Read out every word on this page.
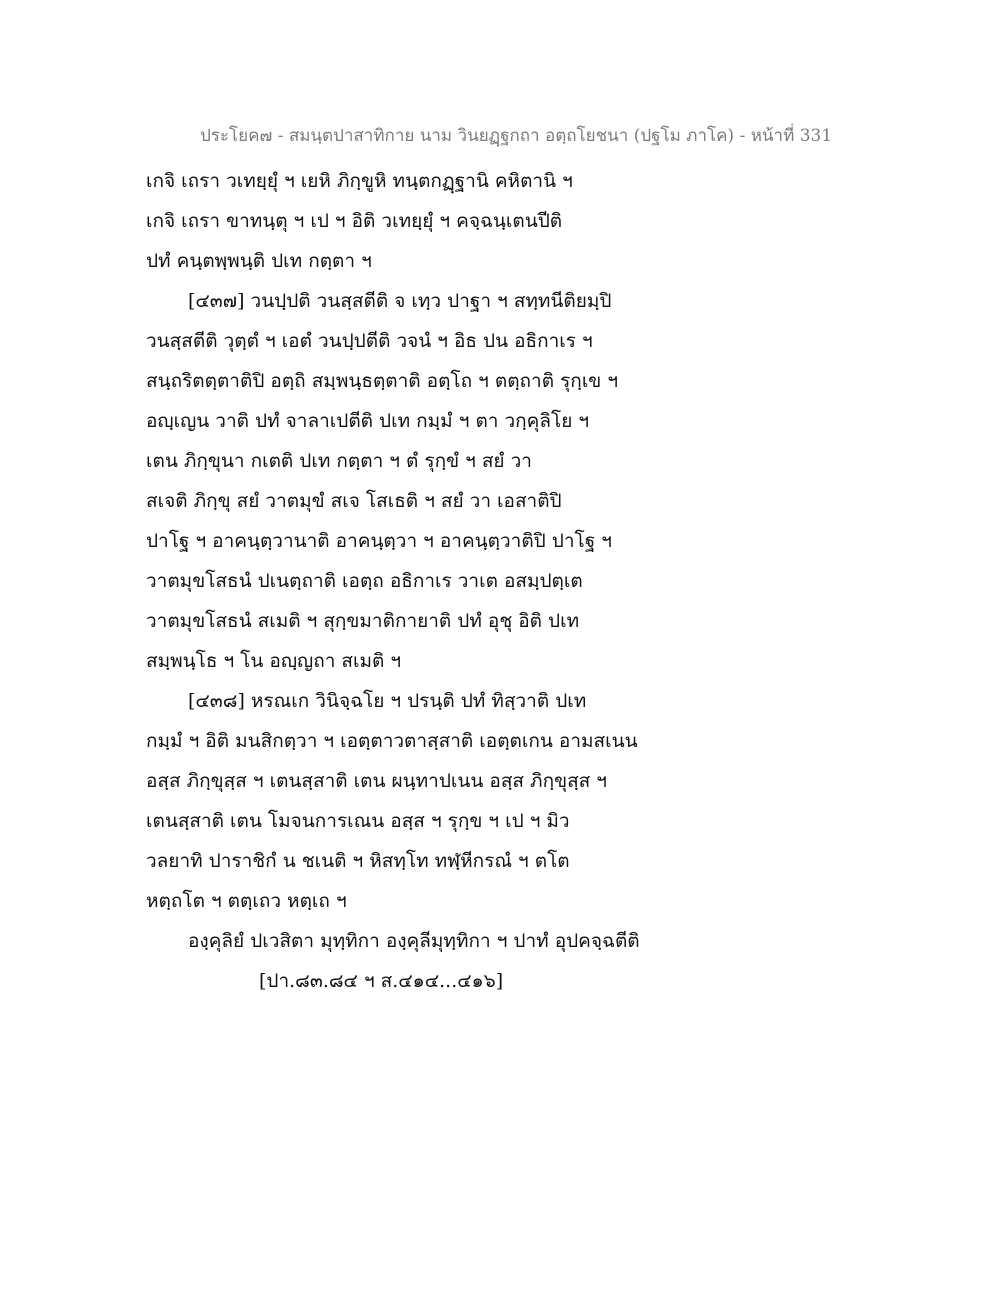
ประโยค๗ - สมนฺตปาสาทิกาย นาม วินยฏฺฐกถา อตฺถโยชนา (ปฐโม ภาโค) - หน้าที่ 331
เกจิ เถรา วเทยฺยุํ ฯ เยหิ ภิกฺขูหิ ทนฺตกฏฺฐานิ คหิตานิ ฯ
เกจิ เถรา ขาทนฺตุ ฯ เป ฯ อิติ วเทยฺยุํ ฯ คจฺฉนฺเตนปีติ
ปทํ คนฺตพฺพนฺติ ปเท กตฺตา ฯ
[๔๓๗] วนปฺปติ วนสฺสตีติ จ เทฺว ปาฐา ฯ สทฺทนีติยมฺปิ
วนสฺสตีติ วุตฺตํ ฯ เอตํ วนปฺปตีติ วจนํ ฯ อิธ ปน อธิกาเร ฯ
สนฺถริตตฺตาติปิ อตฺถิ สมฺพนฺธตฺตาติ อตฺโถ ฯ ตตฺถาติ รุกฺเข ฯ
อญฺเญน วาติ ปทํ จาลาเปตีติ ปเท กมฺมํ ฯ ตา วกฺคุลิโย ฯ
เตน ภิกฺขุนา กเตติ ปเท กตฺตา ฯ ตํ รุกฺขํ ฯ สยํ วา
สเจติ ภิกฺขุ สยํ วาตมุขํ สเจ โสเธติ ฯ สยํ วา เอสาติปิ
ปาโฐ ฯ อาคนฺตฺวานาติ อาคนฺตฺวา ฯ อาคนฺตฺวาติปิ ปาโฐ ฯ
วาตมุขโสธนํ ปเนตฺถาติ เอตฺถ อธิกาเร วาเต อสมฺปตฺเต
วาตมุขโสธนํ สเมติ ฯ สุกฺขมาติกายาติ ปทํ อุชุ อิติ ปเท
สมฺพนฺโธ ฯ โน อญฺญถา สเมติ ฯ
[๔๓๘] หรณเก วินิจฺฉโย ฯ ปรนฺติ ปทํ ทิสฺวาติ ปเท
กมฺมํ ฯ อิติ มนสิกตฺวา ฯ เอตฺตาวตาสฺสาติ เอตฺตเกน อามสเนน
อสฺส ภิกฺขุสฺส ฯ เตนสฺสาติ เตน ผนฺทาปเนน อสฺส ภิกฺขุสฺส ฯ
เตนสฺสาติ เตน โมจนการเณน อสฺส ฯ รุกฺข ฯ เป ฯ มิว
วลยาทิ ปาราชิกํ น ชเนติ ฯ หิสทฺโท ทฬฺหีกรณํ ฯ ตโต
หตฺถโต ฯ ตตฺเถว หตฺเถ ฯ
องฺคุลิยํ ปเวสิตา มุทฺทิกา องฺคุลีมุทฺทิกา ฯ ปาทํ อุปคจฺฉตีติ
[ปา.๘๓.๘๔ ฯ ส.๔๑๔...๔๑๖]
